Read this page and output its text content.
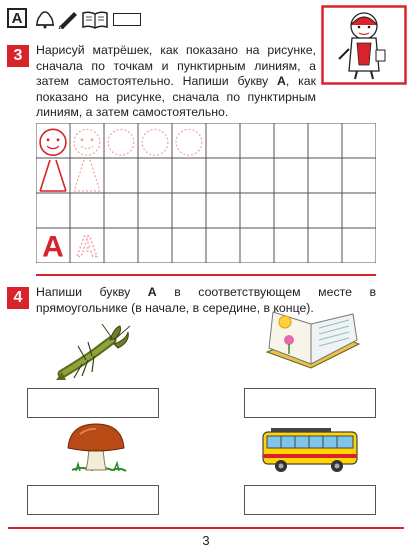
А
3	Нарисуй матрёшек, как показано на рисунке, сначала по точкам и пунктирным линиям, а затем самостоятельно. Напиши букву А, как показано на рисунке, сначала по пунктирным линиям, а затем самостоятельно.
А А
4	Напиши букву А в соответствующем месте в прямоугольнике (в начале, в середине, в конце).
3
